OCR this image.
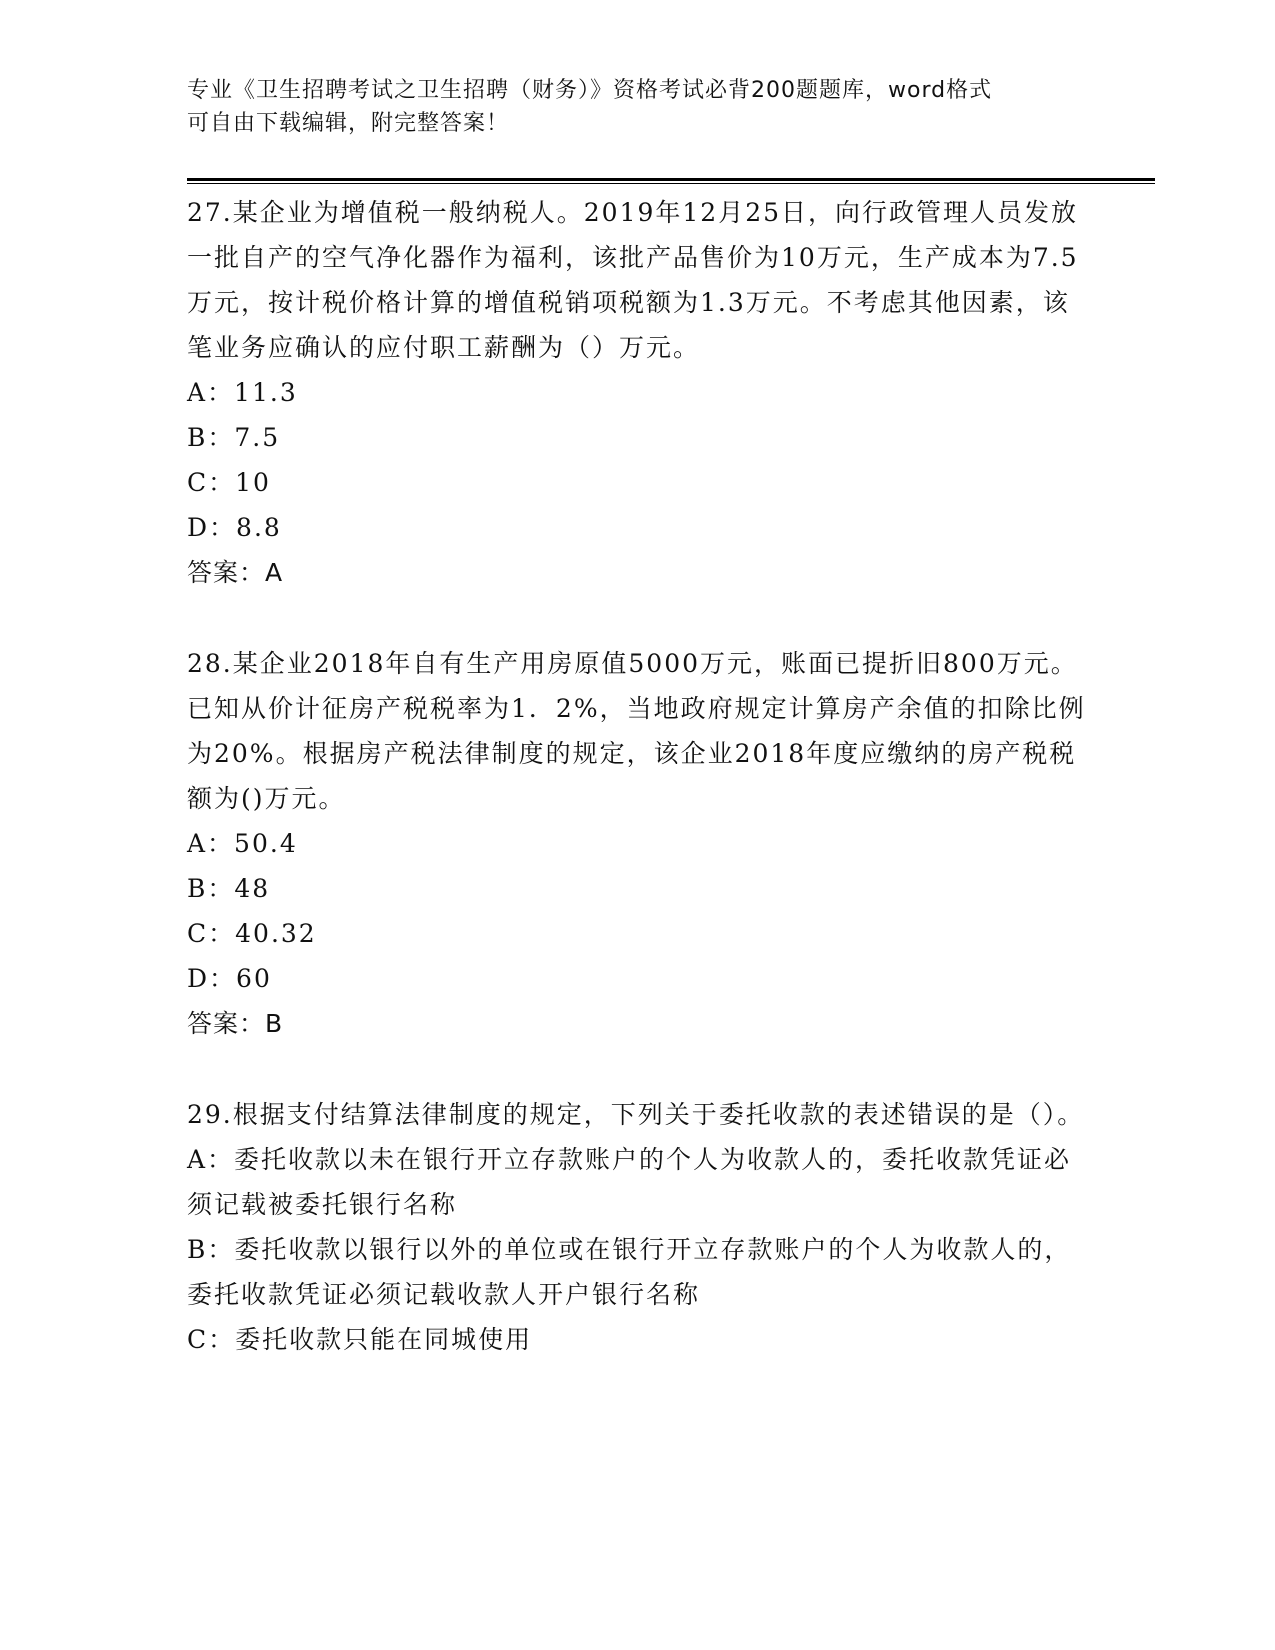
专业《卫生招聘考试之卫生招聘（财务）》资格考试必背200题题库，word格式
可自由下载编辑，附完整答案！

27.某企业为增值税一般纳税人。2019年12月25日，向行政管理人员发放一批自产的空气净化器作为福利，该批产品售价为10万元，生产成本为7.5万元，按计税价格计算的增值税销项税额为1.3万元。不考虑其他因素，该笔业务应确认的应付职工薪酬为（）万元。

A：11.3

B：7.5

C：10

D：8.8

答案：A

28.某企业2018年自有生产用房原值5000万元，账面已提折旧800万元。已知从价计征房产税税率为1．2%，当地政府规定计算房产余值的扣除比例为20%。根据房产税法律制度的规定，该企业2018年度应缴纳的房产税税额为()万元。

A：50.4

B：48

C：40.32

D：60

答案：B

29.根据支付结算法律制度的规定，下列关于委托收款的表述错误的是（）。

A：委托收款以未在银行开立存款账户的个人为收款人的，委托收款凭证必须记载被委托银行名称

B：委托收款以银行以外的单位或在银行开立存款账户的个人为收款人的，委托收款凭证必须记载收款人开户银行名称

C：委托收款只能在同城使用
